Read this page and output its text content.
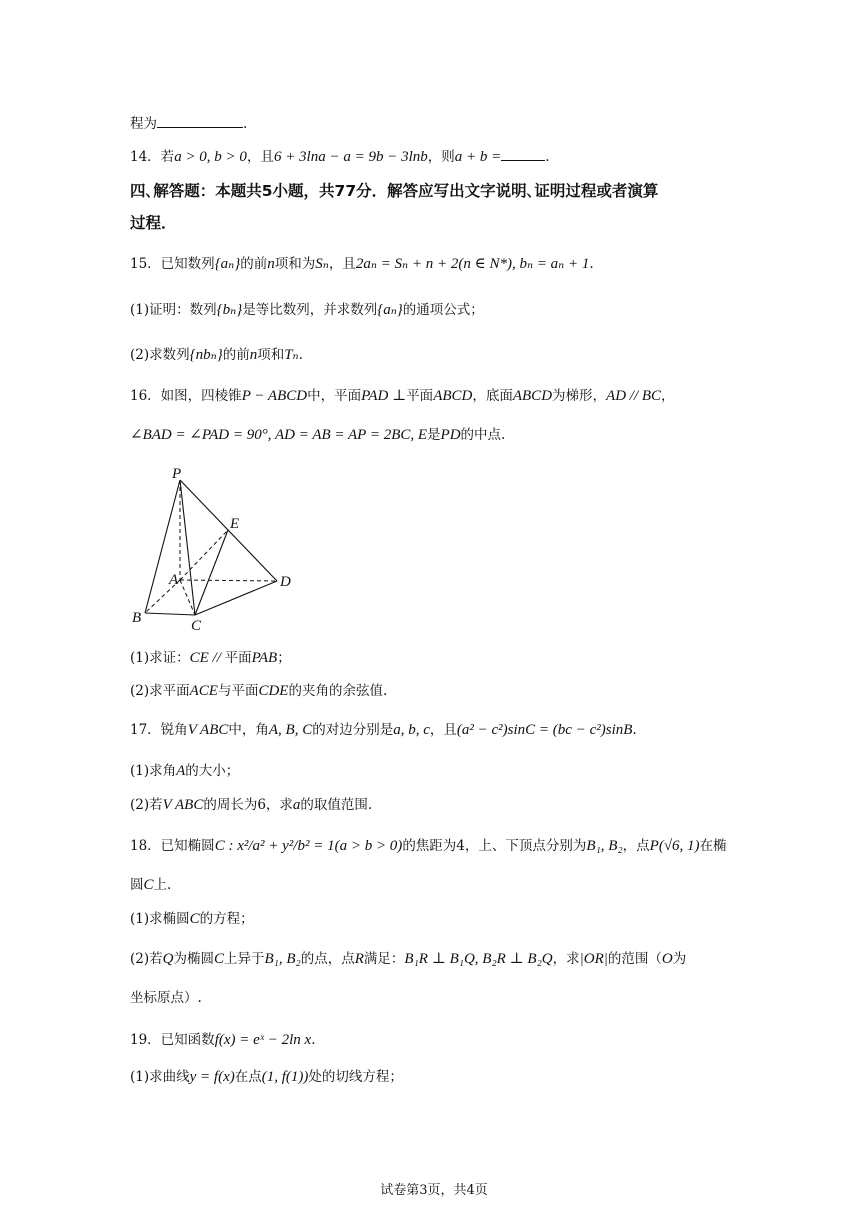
程为	.
14．若a > 0, b > 0，且6 + 3lna − a = 9b − 3lnb，则a + b =	.
四､解答题：本题共5小题，共77分．解答应写出文字说明､证明过程或者演算
过程．
15．已知数列{aₙ}的前n项和为Sₙ，且2aₙ = Sₙ + n + 2(n ∈ N*), bₙ = aₙ + 1.
(1)证明：数列{bₙ}是等比数列，并求数列{aₙ}的通项公式；
(2)求数列{nbₙ}的前n项和Tₙ.
16．如图，四棱锥P − ABCD中，平面PAD ⊥平面ABCD，底面ABCD为梯形，AD // BC，
∠BAD = ∠PAD = 90°, AD = AB = AP = 2BC, E是PD的中点.
P
E
A	D
B	C
(1)求证：CE // 平面PAB；
(2)求平面ACE与平面CDE的夹角的余弦值.
17．锐角V ABC中，角A, B, C的对边分别是a, b, c，且(a² − c²)sinC = (bc − c²)sinB.
(1)求角A的大小；
(2)若V ABC的周长为6，求a的取值范围.
18．已知椭圆C : x²/a² + y²/b² = 1(a > b > 0)的焦距为4，上、下顶点分别为B₁, B₂，点P(√6, 1)在椭
圆C上.
(1)求椭圆C的方程；
(2)若Q为椭圆C上异于B₁, B₂的点，点R满足：B₁R ⊥ B₁Q, B₂R ⊥ B₂Q，求|OR|的范围（O为
坐标原点）.
19．已知函数f(x) = eˣ − 2ln x.
(1)求曲线y = f(x)在点(1, f(1))处的切线方程；
试卷第3页，共4页
